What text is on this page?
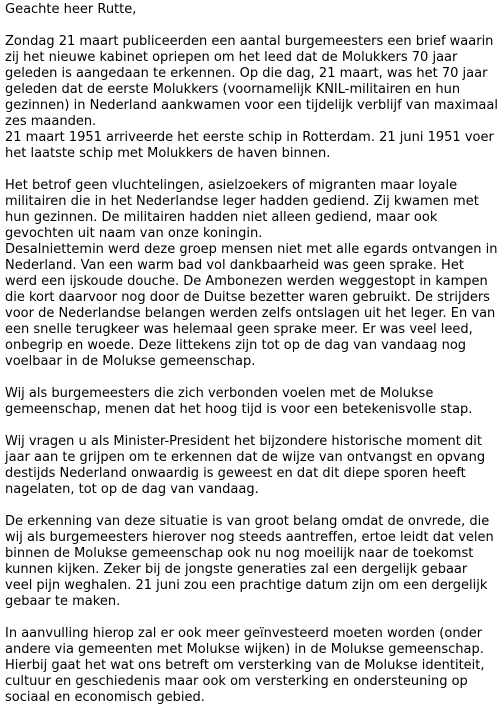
Geachte heer Rutte,

Zondag 21 maart publiceerden een aantal burgemeesters een brief waarin zij het nieuwe kabinet opriepen om het leed dat de Molukkers 70 jaar geleden is aangedaan te erkennen. Op die dag, 21 maart, was het 70 jaar geleden dat de eerste Molukkers (voornamelijk KNIL-militairen en hun gezinnen) in Nederland aankwamen voor een tijdelijk verblijf van maximaal zes maanden.

21 maart 1951 arriveerde het eerste schip in Rotterdam. 21 juni 1951 voer het laatste schip met Molukkers de haven binnen.

Het betrof geen vluchtelingen, asielzoekers of migranten maar loyale militairen die in het Nederlandse leger hadden gediend. Zij kwamen met hun gezinnen. De militairen hadden niet alleen gediend, maar ook gevochten uit naam van onze koningin.

Desalniettemin werd deze groep mensen niet met alle egards ontvangen in Nederland. Van een warm bad vol dankbaarheid was geen sprake. Het werd een ijskoude douche. De Ambonezen werden weggestopt in kampen die kort daarvoor nog door de Duitse bezetter waren gebruikt. De strijders voor de Nederlandse belangen werden zelfs ontslagen uit het leger. En van een snelle terugkeer was helemaal geen sprake meer. Er was veel leed, onbegrip en woede. Deze littekens zijn tot op de dag van vandaag nog voelbaar in de Molukse gemeenschap.

Wij als burgemeesters die zich verbonden voelen met de Molukse gemeenschap, menen dat het hoog tijd is voor een betekenisvolle stap.

Wij vragen u als Minister-President het bijzondere historische moment dit jaar aan te grijpen om te erkennen dat de wijze van ontvangst en opvang destijds Nederland onwaardig is geweest en dat dit diepe sporen heeft nagelaten, tot op de dag van vandaag.

De erkenning van deze situatie is van groot belang omdat de onvrede, die wij als burgemeesters hierover nog steeds aantreffen, ertoe leidt dat velen binnen de Molukse gemeenschap ook nu nog moeilijk naar de toekomst kunnen kijken. Zeker bij de jongste generaties zal een dergelijk gebaar veel pijn weghalen. 21 juni zou een prachtige datum zijn om een dergelijk gebaar te maken.

In aanvulling hierop zal er ook meer geïnvesteerd moeten worden (onder andere via gemeenten met Molukse wijken) in de Molukse gemeenschap. Hierbij gaat het wat ons betreft om versterking van de Molukse identiteit, cultuur en geschiedenis maar ook om versterking en ondersteuning op sociaal en economisch gebied.
